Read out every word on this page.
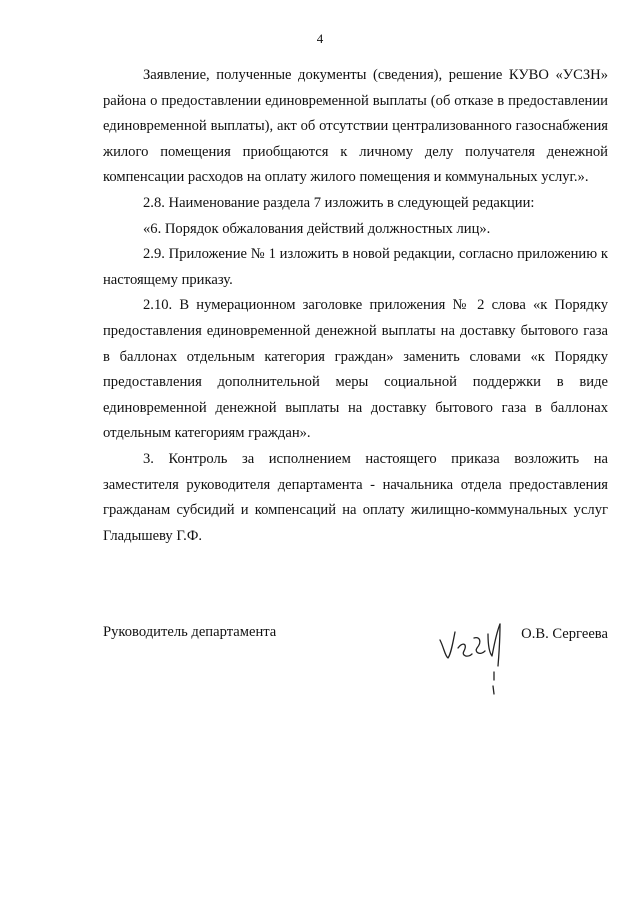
4

Заявление, полученные документы (сведения), решение КУВО «УСЗН» района о предоставлении единовременной выплаты (об отказе в предоставлении единовременной выплаты), акт об отсутствии централизованного газоснабжения жилого помещения приобщаются к личному делу получателя денежной компенсации расходов на оплату жилого помещения и коммунальных услуг.».

2.8. Наименование раздела 7 изложить в следующей редакции:

«6. Порядок обжалования действий должностных лиц».

2.9. Приложение № 1 изложить в новой редакции, согласно приложению к настоящему приказу.

2.10. В нумерационном заголовке приложения № 2 слова «к Порядку предоставления единовременной денежной выплаты на доставку бытового газа в баллонах отдельным категория граждан» заменить словами «к Порядку предоставления дополнительной меры социальной поддержки в виде единовременной денежной выплаты на доставку бытового газа в баллонах отдельным категориям граждан».

3. Контроль за исполнением настоящего приказа возложить на заместителя руководителя департамента - начальника отдела предоставления гражданам субсидий и компенсаций на оплату жилищно-коммунальных услуг Гладышеву Г.Ф.

Руководитель департамента	О.В. Сергеева
